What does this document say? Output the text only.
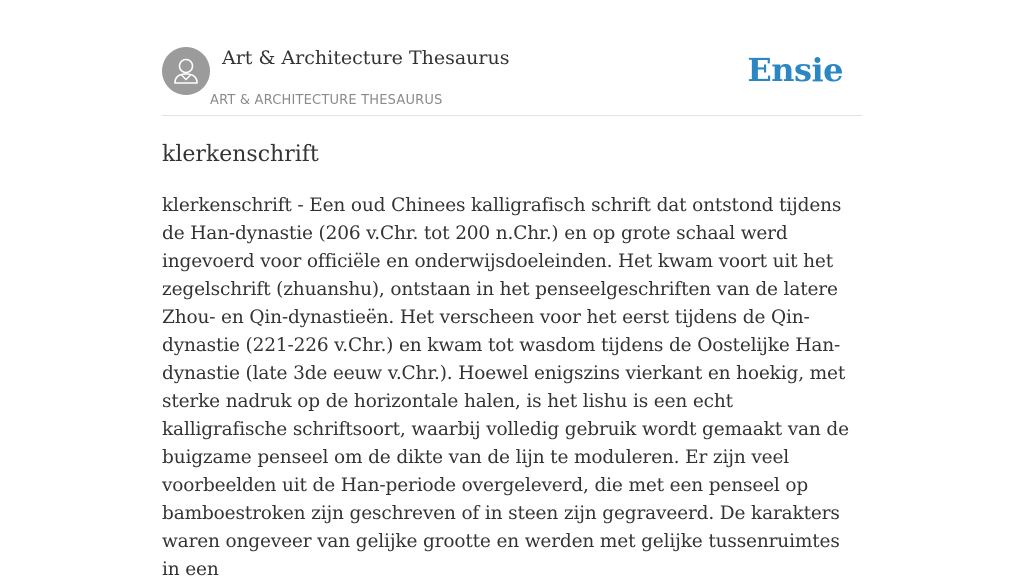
Art & Architecture Thesaurus
ART & ARCHITECTURE THESAURUS
Ensie
klerkenschrift

klerkenschrift - Een oud Chinees kalligrafisch schrift dat ontstond tijdens de Han-dynastie (206 v.Chr. tot 200 n.Chr.) en op grote schaal werd ingevoerd voor officiële en onderwijsdoeleinden. Het kwam voort uit het zegelschrift (zhuanshu), ontstaan in het penseelgeschriften van de latere Zhou- en Qin-dynastieën. Het verscheen voor het eerst tijdens de Qin-dynastie (221-226 v.Chr.) en kwam tot wasdom tijdens de Oostelijke Han-dynastie (late 3de eeuw v.Chr.). Hoewel enigszins vierkant en hoekig, met sterke nadruk op de horizontale halen, is het lishu is een echt kalligrafische schriftsoort, waarbij volledig gebruik wordt gemaakt van de buigzame penseel om de dikte van de lijn te moduleren. Er zijn veel voorbeelden uit de Han-periode overgeleverd, die met een penseel op bamboestroken zijn geschreven of in steen zijn gegraveerd. De karakters waren ongeveer van gelijke grootte en werden met gelijke tussenruimtes in een
